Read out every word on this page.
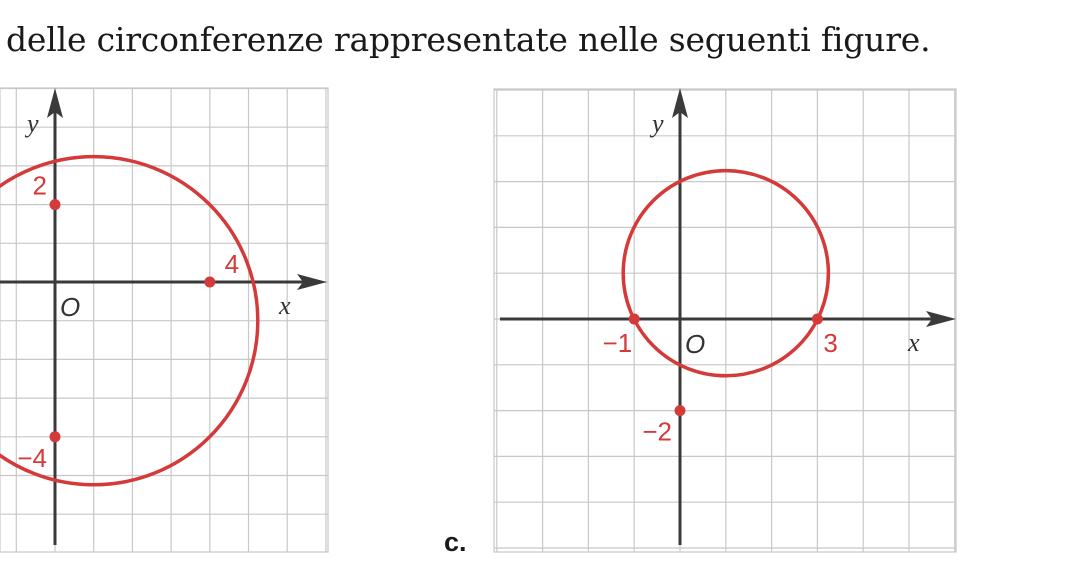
delle circonferenze rappresentate nelle seguenti figure.
x
y
O
2
4
−4
x
y
O
−1	3
−2
c.
